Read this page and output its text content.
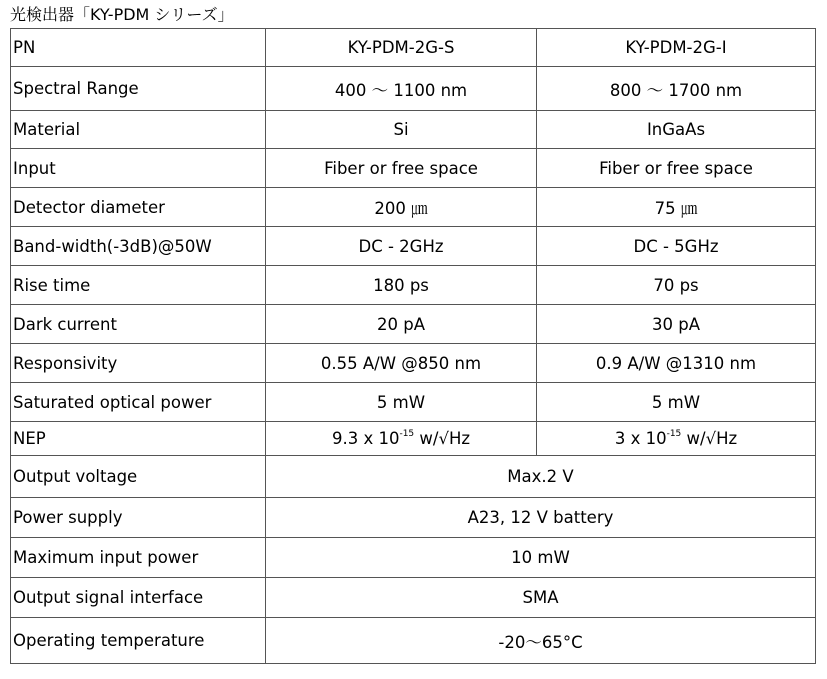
光検出器「KY-PDM シリーズ」
PN	KY-PDM-2G-S	KY-PDM-2G-I
Spectral Range	400 〜 1100 nm	800 〜 1700 nm
Material	Si	InGaAs
Input	Fiber or free space	Fiber or free space
Detector diameter	200 ㎛	75 ㎛
Band-width(-3dB)@50W	DC - 2GHz	DC - 5GHz
Rise time	180 ps	70 ps
Dark current	20 pA	30 pA
Responsivity	0.55 A/W @850 nm	0.9 A/W @1310 nm
Saturated optical power	5 mW	5 mW
NEP	9.3 x $10^{-15}$ w/√Hz	3 x $10^{-15}$ w/√Hz
Output voltage	Max.2 V	
Power supply	A23, 12 V battery	
Maximum input power	10 mW	
Output signal interface	SMA	
Operating temperature	-20〜65°C	
